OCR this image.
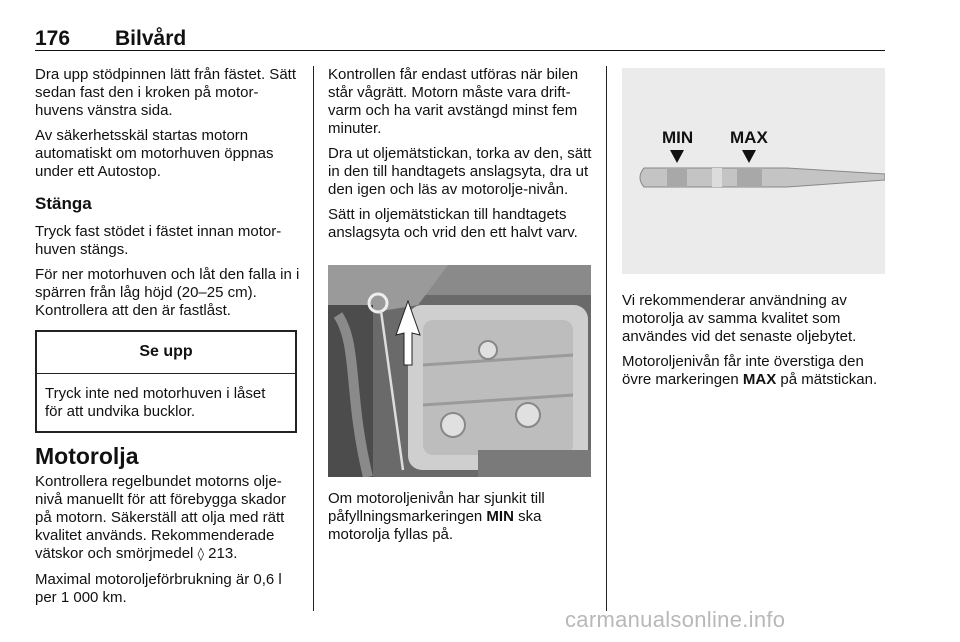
176 Bilvård

Dra upp stödpinnen lätt från fästet. Sätt sedan fast den i kroken på motor-huvens vänstra sida.

Av säkerhetsskäl startas motorn automatiskt om motorhuven öppnas under ett Autostop.

Stänga

Tryck fast stödet i fästet innan motor-huven stängs.

För ner motorhuven och låt den falla in i spärren från låg höjd (20–25 cm). Kontrollera att den är fastlåst.

Se upp
Tryck inte ned motorhuven i låset för att undvika bucklor.
Motorolja

Kontrollera regelbundet motorns olje-nivå manuellt för att förebygga skador på motorn. Säkerställ att olja med rätt kvalitet används. Rekommenderade vätskor och smörjmedel ◊ 213.

Maximal motoroljeförbrukning är 0,6 l per 1 000 km.

Kontrollen får endast utföras när bilen står vågrätt. Motorn måste vara drift-varm och ha varit avstängd minst fem minuter.

Dra ut oljemätstickan, torka av den, sätt in den till handtagets anslagsyta, dra ut den igen och läs av motorolje-nivån.

Sätt in oljemätstickan till handtagets anslagsyta och vrid den ett halvt varv.

Om motoroljenivån har sjunkit till påfyllningsmarkeringen MIN ska motorolja fyllas på.

MIN MAX

Vi rekommenderar användning av motorolja av samma kvalitet som användes vid det senaste oljebytet.

Motoroljenivån får inte överstiga den övre markeringen MAX på mätstickan.

carmanualsonline.info
